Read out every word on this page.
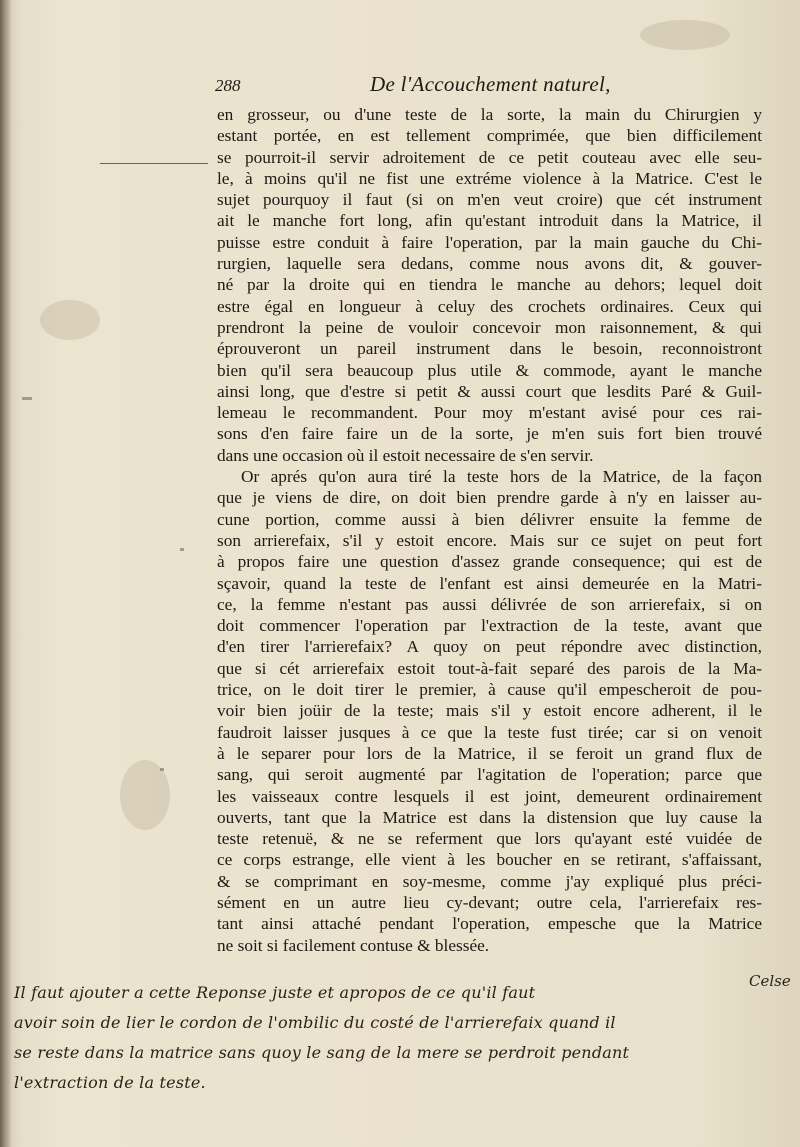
288	De l'Accouchement naturel,
en grosseur, ou d'une teste de la sorte, la main du Chirurgien y
estant portée, en est tellement comprimée, que bien difficilement
se pourroit-il servir adroitement de ce petit couteau avec elle seu-
le, à moins qu'il ne fist une extréme violence à la Matrice. C'est le
sujet pourquoy il faut (si on m'en veut croire) que cét instrument
ait le manche fort long, afin qu'estant introduit dans la Matrice, il
puisse estre conduit à faire l'operation, par la main gauche du Chi-
rurgien, laquelle sera dedans, comme nous avons dit, & gouver-
né par la droite qui en tiendra le manche au dehors; lequel doit
estre égal en longueur à celuy des crochets ordinaires. Ceux qui
prendront la peine de vouloir concevoir mon raisonnement, & qui
éprouveront un pareil instrument dans le besoin, reconnoistront
bien qu'il sera beaucoup plus utile & commode, ayant le manche
ainsi long, que d'estre si petit & aussi court que lesdits Paré & Guil-
lemeau le recommandent. Pour moy m'estant avisé pour ces rai-
sons d'en faire faire un de la sorte, je m'en suis fort bien trouvé
dans une occasion où il estoit necessaire de s'en servir.
Or aprés qu'on aura tiré la teste hors de la Matrice, de la façon
que je viens de dire, on doit bien prendre garde à n'y en laisser au-
cune portion, comme aussi à bien délivrer ensuite la femme de
son arrierefaix, s'il y estoit encore. Mais sur ce sujet on peut fort
à propos faire une question d'assez grande consequence; qui est de
sçavoir, quand la teste de l'enfant est ainsi demeurée en la Matri-
ce, la femme n'estant pas aussi délivrée de son arrierefaix, si on
doit commencer l'operation par l'extraction de la teste, avant que
d'en tirer l'arrierefaix? A quoy on peut répondre avec distinction,
que si cét arrierefaix estoit tout-à-fait separé des parois de la Ma-
trice, on le doit tirer le premier, à cause qu'il empescheroit de pou-
voir bien joüir de la teste; mais s'il y estoit encore adherent, il le
faudroit laisser jusques à ce que la teste fust tirée; car si on venoit
à le separer pour lors de la Matrice, il se feroit un grand flux de
sang, qui seroit augmenté par l'agitation de l'operation; parce que
les vaisseaux contre lesquels il est joint, demeurent ordinairement
ouverts, tant que la Matrice est dans la distension que luy cause la
teste retenuë, & ne se referment que lors qu'ayant esté vuidée de
ce corps estrange, elle vient à les boucher en se retirant, s'affaissant,
& se comprimant en soy-mesme, comme j'ay expliqué plus préci-
sément en un autre lieu cy-devant; outre cela, l'arrierefaix res-
tant ainsi attaché pendant l'operation, empesche que la Matrice
ne soit si facilement contuse & blessée.
Celse
Il faut ajouter a cette Reponse juste et apropos de ce qu'il faut
avoir soin de lier le cordon de l'ombilic du costé de l'arrierefaix quand il
se reste dans la matrice sans quoy le sang de la mere se perdroit pendant
l'extraction de la teste.
